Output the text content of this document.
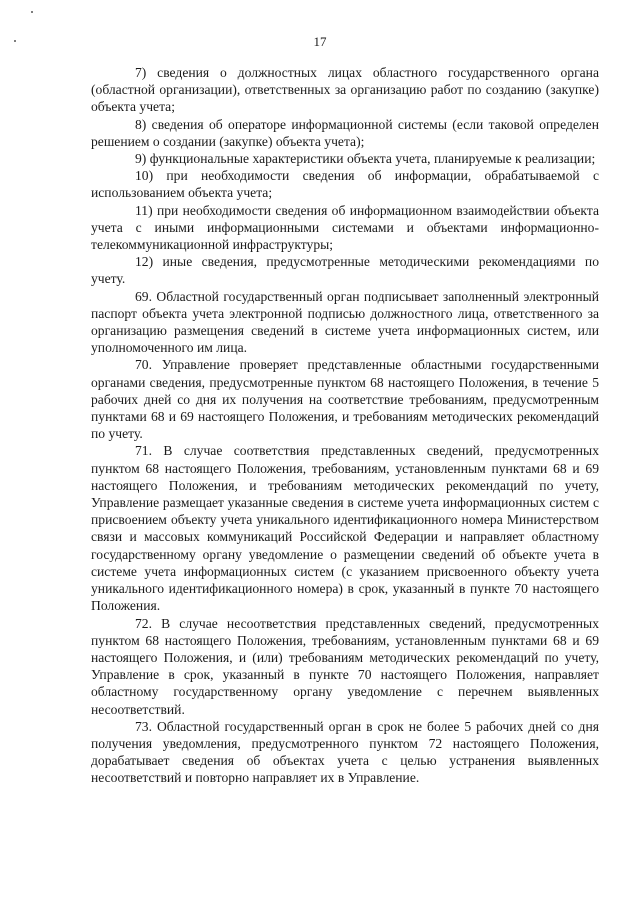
17

7) сведения о должностных лицах областного государственного органа (областной организации), ответственных за организацию работ по созданию (закупке) объекта учета;

8) сведения об операторе информационной системы (если таковой определен решением о создании (закупке) объекта учета);

9) функциональные характеристики объекта учета, планируемые к реализации;

10) при необходимости сведения об информации, обрабатываемой с использованием объекта учета;

11) при необходимости сведения об информационном взаимодействии объекта учета с иными информационными системами и объектами информационно-телекоммуникационной инфраструктуры;

12) иные сведения, предусмотренные методическими рекомендациями по учету.

69. Областной государственный орган подписывает заполненный электронный паспорт объекта учета электронной подписью должностного лица, ответственного за организацию размещения сведений в системе учета информационных систем, или уполномоченного им лица.

70. Управление проверяет представленные областными государственными органами сведения, предусмотренные пунктом 68 настоящего Положения, в течение 5 рабочих дней со дня их получения на соответствие требованиям, предусмотренным пунктами 68 и 69 настоящего Положения, и требованиям методических рекомендаций по учету.

71. В случае соответствия представленных сведений, предусмотренных пунктом 68 настоящего Положения, требованиям, установленным пунктами 68 и 69 настоящего Положения, и требованиям методических рекомендаций по учету, Управление размещает указанные сведения в системе учета информационных систем с присвоением объекту учета уникального идентификационного номера Министерством связи и массовых коммуникаций Российской Федерации и направляет областному государственному органу уведомление о размещении сведений об объекте учета в системе учета информационных систем (с указанием присвоенного объекту учета уникального идентификационного номера) в срок, указанный в пункте 70 настоящего Положения.

72. В случае несоответствия представленных сведений, предусмотренных пунктом 68 настоящего Положения, требованиям, установленным пунктами 68 и 69 настоящего Положения, и (или) требованиям методических рекомендаций по учету, Управление в срок, указанный в пункте 70 настоящего Положения, направляет областному государственному органу уведомление с перечнем выявленных несоответствий.

73. Областной государственный орган в срок не более 5 рабочих дней со дня получения уведомления, предусмотренного пунктом 72 настоящего Положения, дорабатывает сведения об объектах учета с целью устранения выявленных несоответствий и повторно направляет их в Управление.
